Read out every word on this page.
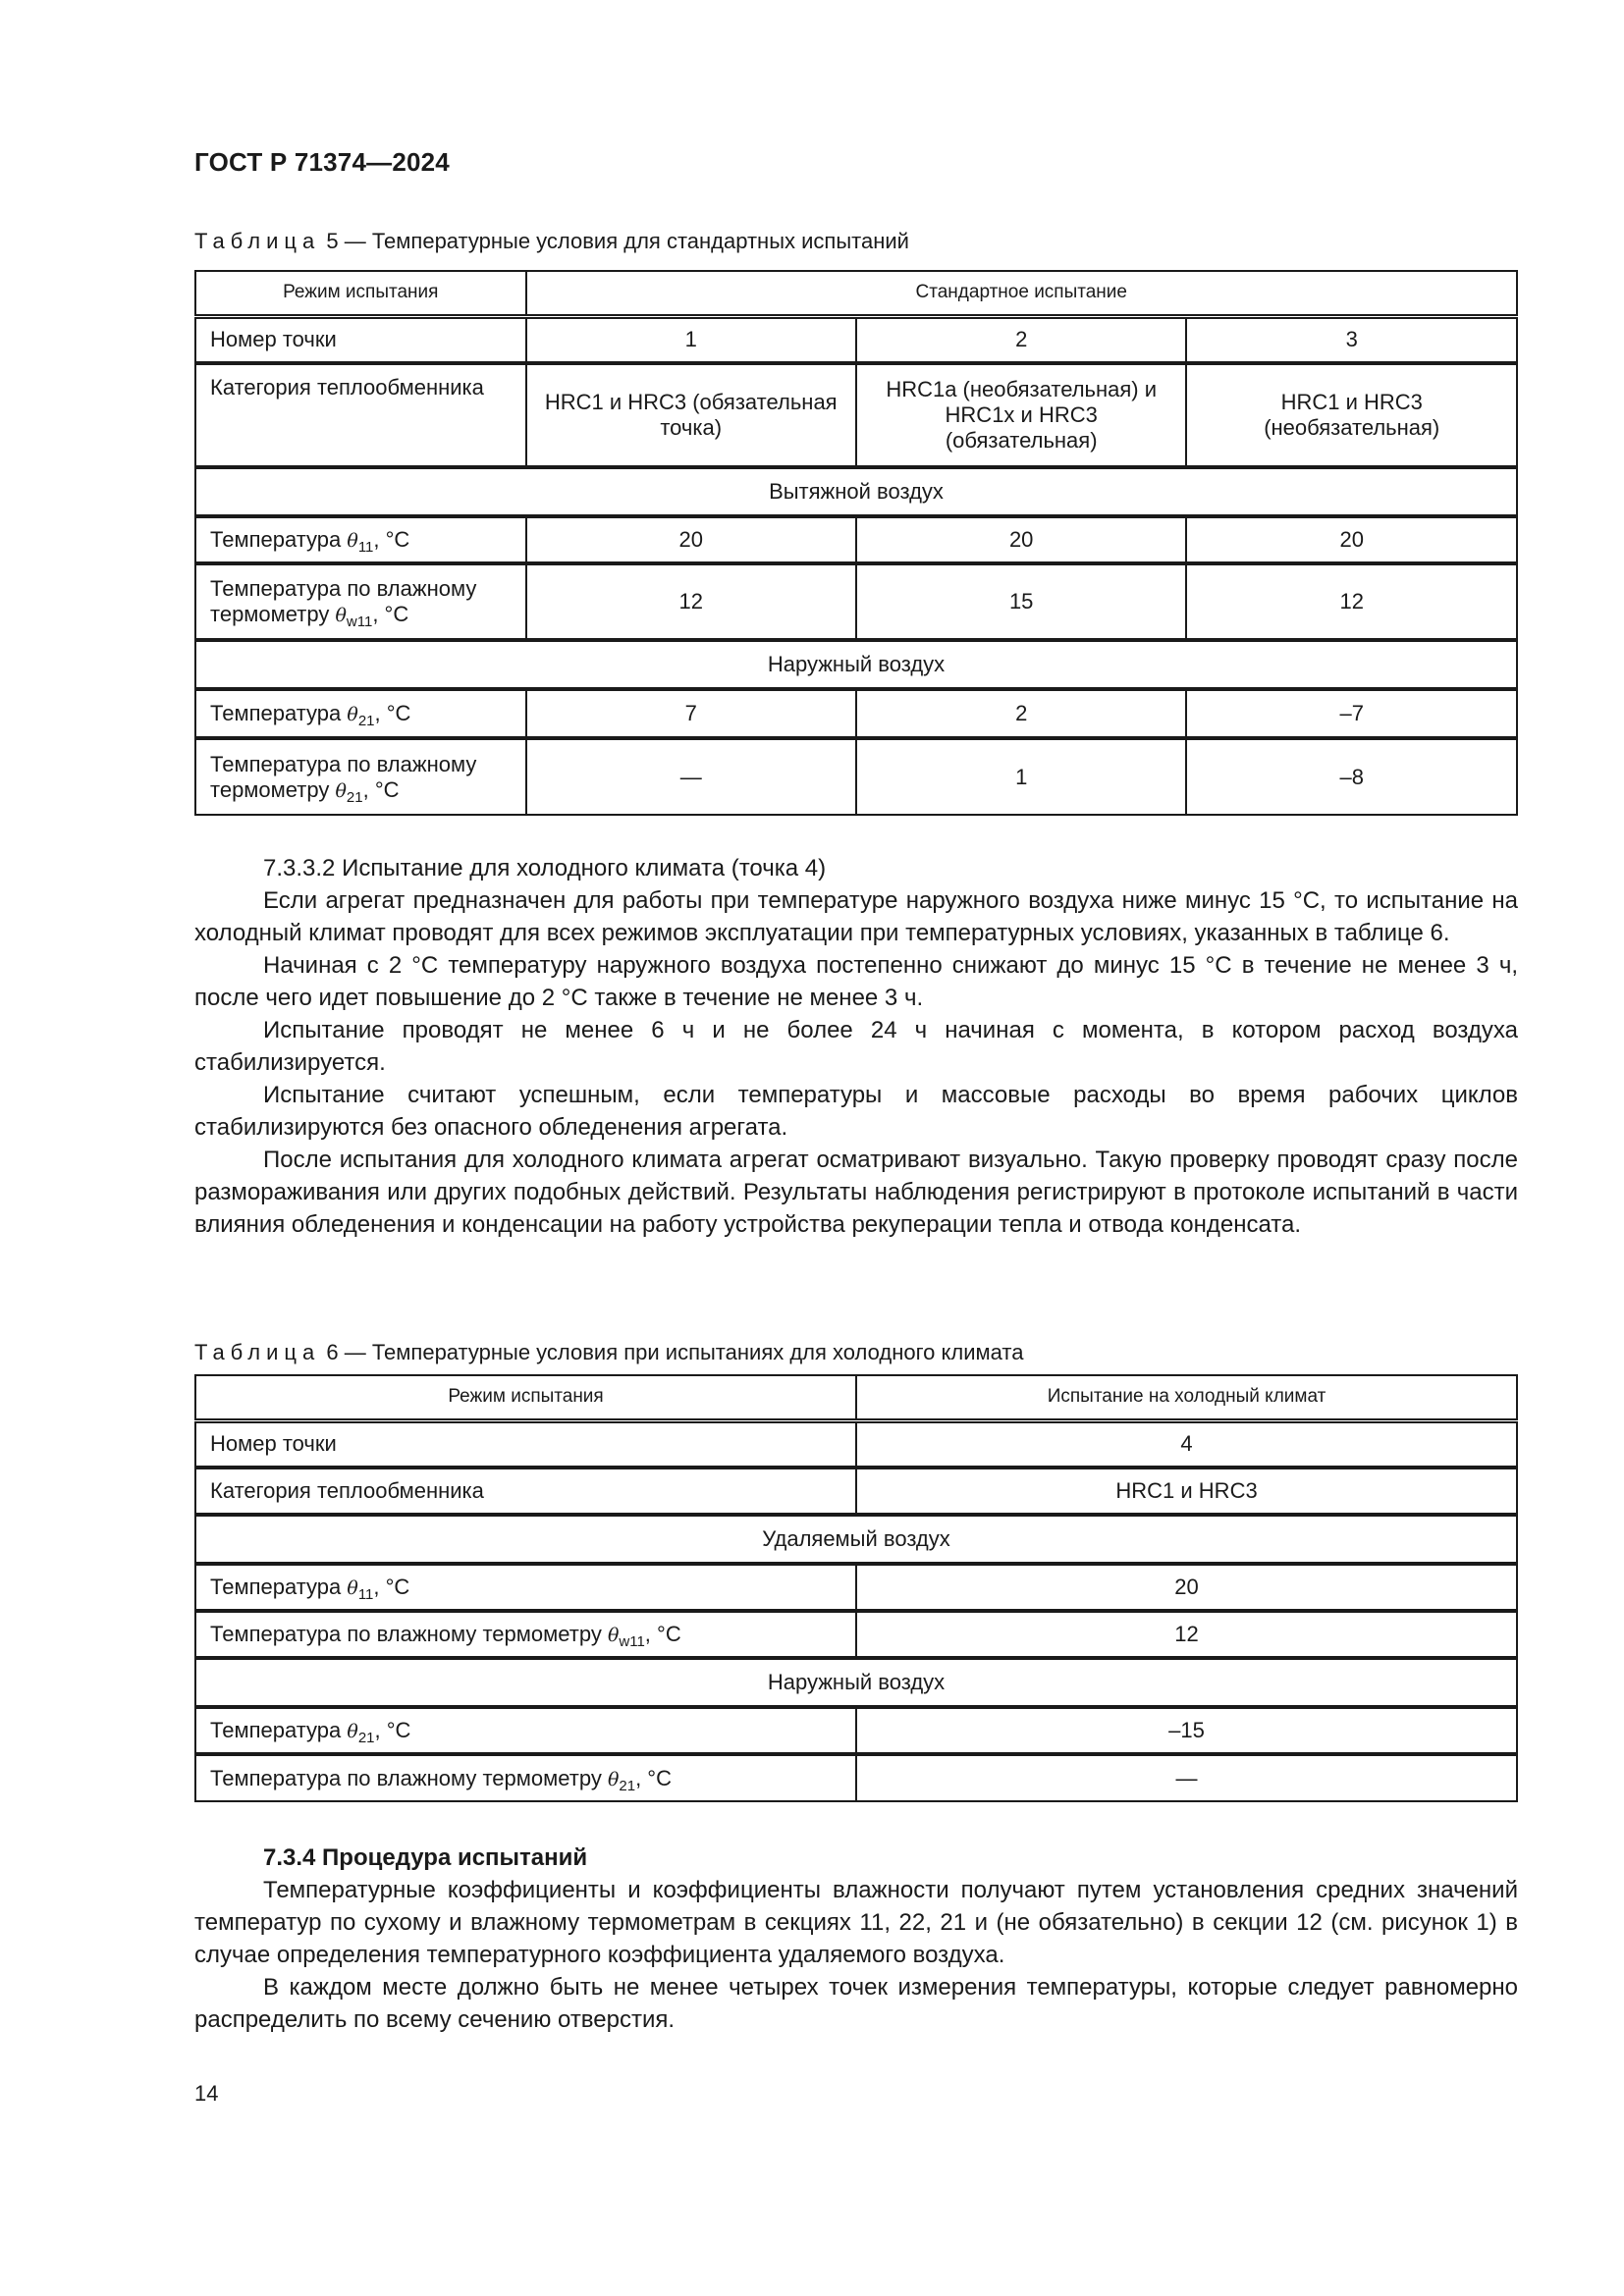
ГОСТ Р 71374—2024
Таблица 5 — Температурные условия для стандартных испытаний
Режим испытания	Стандартное испытание		
Номер точки	1	2	3
Категория теплообменника	HRC1 и HRC3 (обязательная точка)	HRC1a (необязательная) и HRC1x и HRC3 (обязательная)	HRC1 и HRC3 (необязательная)
Вытяжной воздух			
Температура $\theta_{11}$, °С	20	20	20
Температура по влажному
термометру $\theta_{w11}$, °С	12	15	12
Наружный воздух			
Температура $\theta_{21}$, °С	7	2	–7
Температура по влажному
термометру $\theta_{21}$, °С	—	1	–8

7.3.3.2 Испытание для холодного климата (точка 4)

Если агрегат предназначен для работы при температуре наружного воздуха ниже минус 15 °С, то испытание на холодный климат проводят для всех режимов эксплуатации при температурных условиях, указанных в таблице 6.

Начиная с 2 °С температуру наружного воздуха постепенно снижают до минус 15 °С в течение не менее 3 ч, после чего идет повышение до 2 °С также в течение не менее 3 ч.

Испытание проводят не менее 6 ч и не более 24 ч начиная с момента, в котором расход воздуха стабилизируется.

Испытание считают успешным, если температуры и массовые расходы во время рабочих циклов стабилизируются без опасного обледенения агрегата.

После испытания для холодного климата агрегат осматривают визуально. Такую проверку проводят сразу после размораживания или других подобных действий. Результаты наблюдения регистрируют в протоколе испытаний в части влияния обледенения и конденсации на работу устройства рекуперации тепла и отвода конденсата.

Таблица 6 — Температурные условия при испытаниях для холодного климата
Режим испытания	Испытание на холодный климат
Номер точки	4
Категория теплообменника	HRC1 и HRC3
Удаляемый воздух	
Температура $\theta_{11}$, °С	20
Температура по влажному термометру $\theta_{w11}$, °С	12
Наружный воздух	
Температура $\theta_{21}$, °С	–15
Температура по влажному термометру $\theta_{21}$, °С	—

7.3.4 Процедура испытаний

Температурные коэффициенты и коэффициенты влажности получают путем установления средних значений температур по сухому и влажному термометрам в секциях 11, 22, 21 и (не обязательно) в секции 12 (см. рисунок 1) в случае определения температурного коэффициента удаляемого воздуха.

В каждом месте должно быть не менее четырех точек измерения температуры, которые следует равномерно распределить по всему сечению отверстия.

14
